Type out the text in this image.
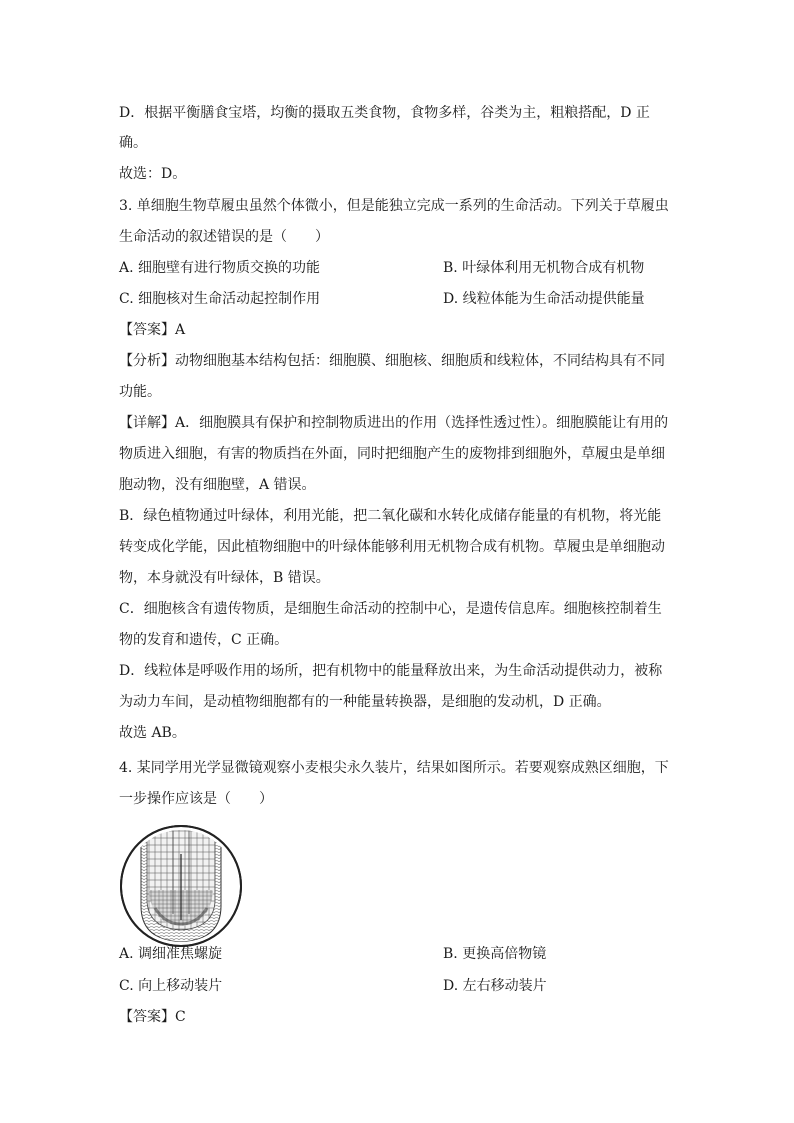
D．根据平衡膳食宝塔，均衡的摄取五类食物，食物多样，谷类为主，粗粮搭配，D 正
确。
故选：D。
3. 单细胞生物草履虫虽然个体微小，但是能独立完成一系列的生命活动。下列关于草履虫
生命活动的叙述错误的是（　　）
A. 细胞壁有进行物质交换的功能	B. 叶绿体利用无机物合成有机物
C. 细胞核对生命活动起控制作用	D. 线粒体能为生命活动提供能量
【答案】A
【分析】动物细胞基本结构包括：细胞膜、细胞核、细胞质和线粒体，不同结构具有不同
功能。
【详解】A．细胞膜具有保护和控制物质进出的作用（选择性透过性）。细胞膜能让有用的
物质进入细胞，有害的物质挡在外面，同时把细胞产生的废物排到细胞外，草履虫是单细
胞动物，没有细胞壁，A 错误。
B．绿色植物通过叶绿体，利用光能，把二氧化碳和水转化成储存能量的有机物，将光能
转变成化学能，因此植物细胞中的叶绿体能够利用无机物合成有机物。草履虫是单细胞动
物，本身就没有叶绿体，B 错误。
C．细胞核含有遗传物质，是细胞生命活动的控制中心，是遗传信息库。细胞核控制着生
物的发育和遗传，C 正确。
D．线粒体是呼吸作用的场所，把有机物中的能量释放出来，为生命活动提供动力，被称
为动力车间，是动植物细胞都有的一种能量转换器，是细胞的发动机，D 正确。
故选 AB。
4. 某同学用光学显微镜观察小麦根尖永久装片，结果如图所示。若要观察成熟区细胞，下
一步操作应该是（　　）
A. 调细准焦螺旋	B. 更换高倍物镜
C. 向上移动装片	D. 左右移动装片
【答案】C
